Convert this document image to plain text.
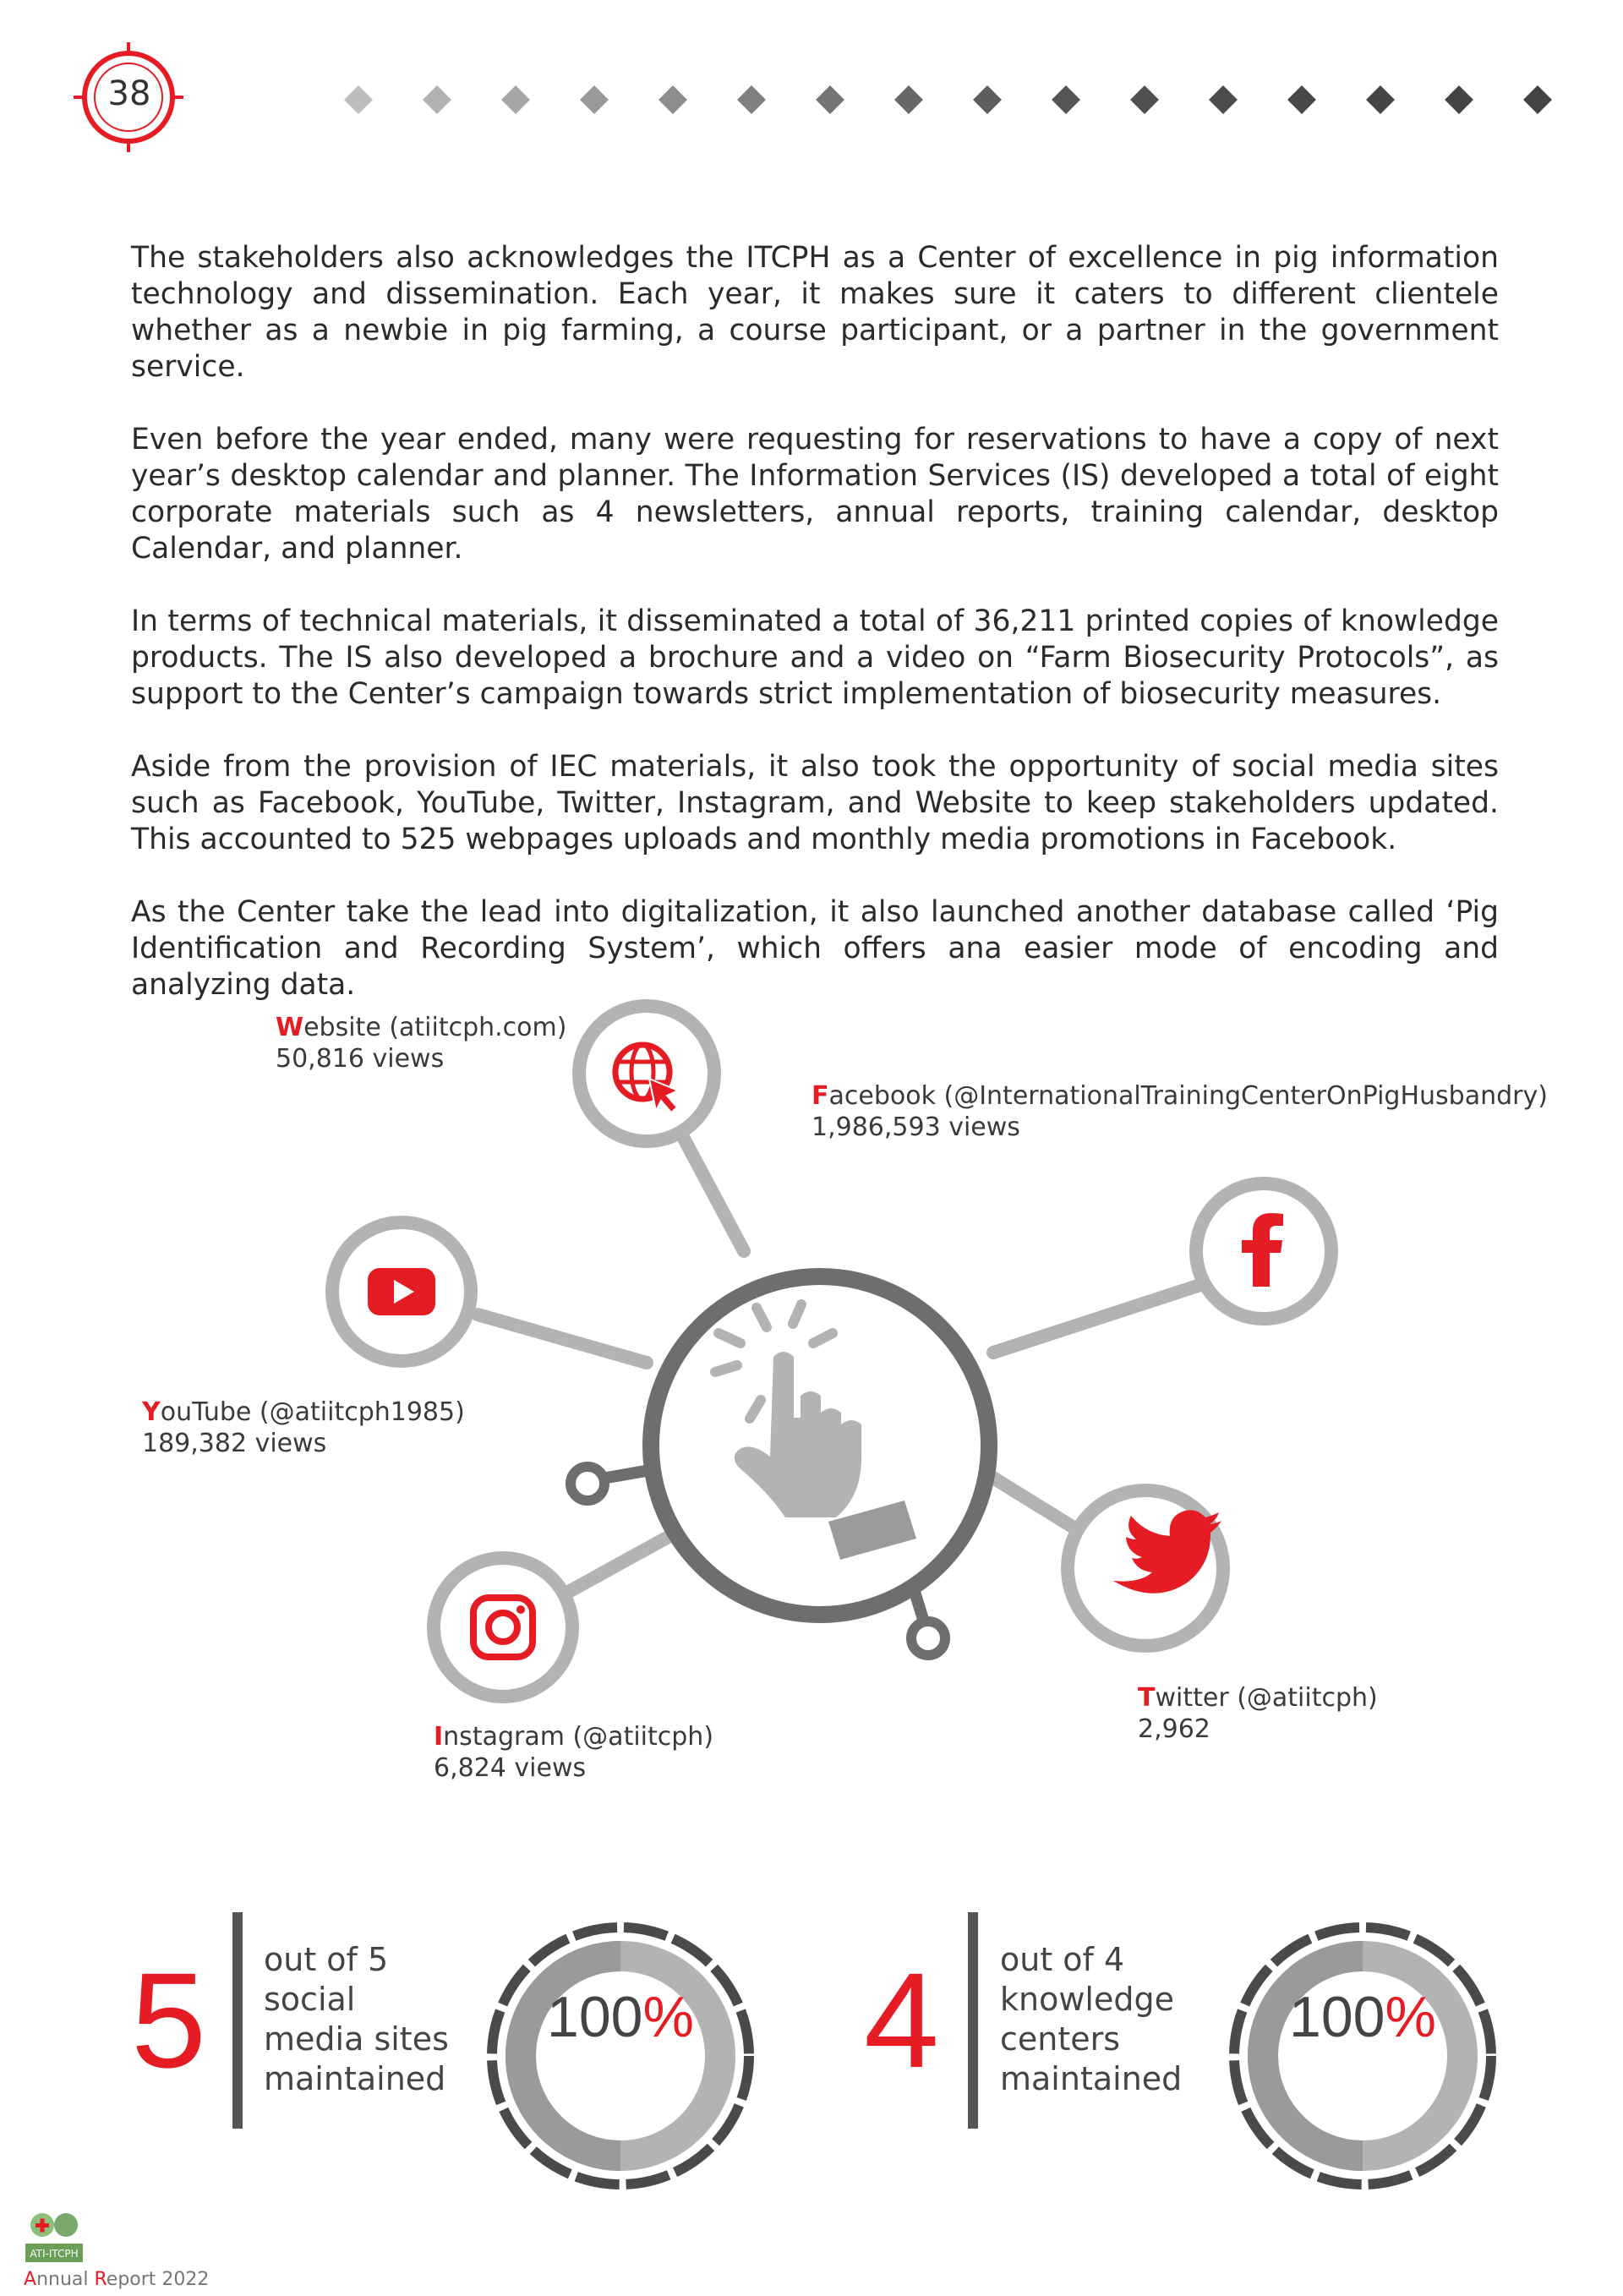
38

The stakeholders also acknowledges the ITCPH as a Center of excellence in pig information technology and dissemination. Each year, it makes sure it caters to different clientele whether as a newbie in pig farming, a course participant, or a partner in the government service.

Even before the year ended, many were requesting for reservations to have a copy of next year’s desktop calendar and planner. The Information Services (IS) developed a total of eight corporate materials such as 4 newsletters, annual reports, training calendar, desktop Calendar, and planner.

In terms of technical materials, it disseminated a total of 36,211 printed copies of knowledge products. The IS also developed a brochure and a video on “Farm Biosecurity Protocols”, as support to the Center’s campaign towards strict implementation of biosecurity measures.

Aside from the provision of IEC materials, it also took the opportunity of social media sites such as Facebook, YouTube, Twitter, Instagram, and Website to keep stakeholders updated. This accounted to 525 webpages uploads and monthly media promotions in Facebook.

As the Center take the lead into digitalization, it also launched another database called ‘Pig Identification and Recording System’, which offers ana easier mode of encoding and analyzing data.

Website (atiitcph.com)
50,816 views
Facebook (@InternationalTrainingCenterOnPigHusbandry)
1,986,593 views
YouTube (@atiitcph1985)
189,382 views
Instagram (@atiitcph)
6,824 views
Twitter (@atiitcph)
2,962
5 out of 5
social
media sites
maintained
100%	4 out of 4
knowledge
centers
maintained
100%
ATI-ITCPH
Annual Report 2022
